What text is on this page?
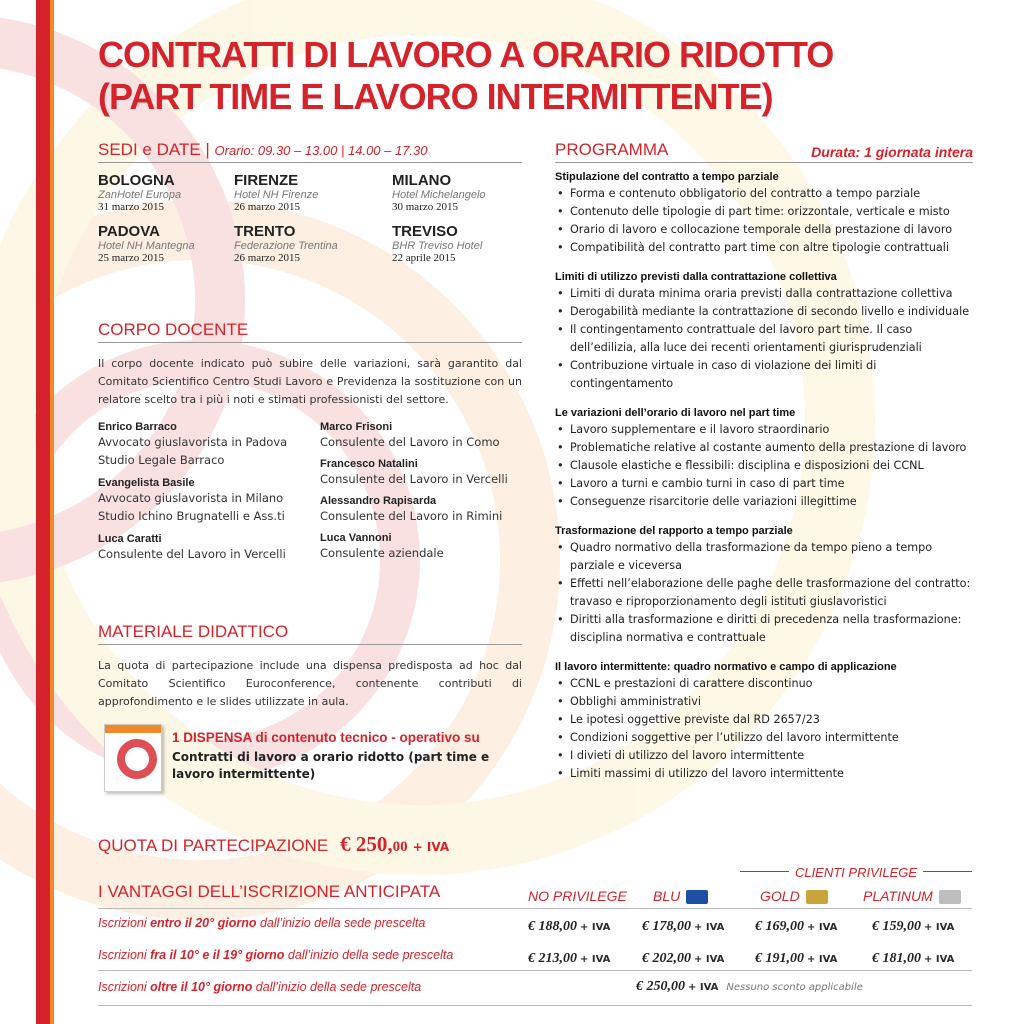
CONTRATTI DI LAVORO A ORARIO RIDOTTO
(PART TIME E LAVORO INTERMITTENTE)
SEDI e DATE | Orario: 09.30 – 13.00 | 14.00 – 17.30
BOLOGNA
ZanHotel Europa
31 marzo 2015
FIRENZE
Hotel NH Firenze
26 marzo 2015
MILANO
Hotel Michelangelo
30 marzo 2015
PADOVA
Hotel NH Mantegna
25 marzo 2015
TRENTO
Federazione Trentina
26 marzo 2015
TREVISO
BHR Treviso Hotel
22 aprile 2015
CORPO DOCENTE

Il corpo docente indicato può subire delle variazioni, sarà garantito dal Comitato Scientifico Centro Studi Lavoro e Previdenza la sostituzione con un relatore scelto tra i più i noti e stimati professionisti del settore.

Enrico Barraco
Avvocato giuslavorista in Padova
Studio Legale Barraco
Evangelista Basile
Avvocato giuslavorista in Milano
Studio Ichino Brugnatelli e Ass.ti
Luca Caratti
Consulente del Lavoro in Vercelli
Marco Frisoni
Consulente del Lavoro in Como
Francesco Natalini
Consulente del Lavoro in Vercelli
Alessandro Rapisarda
Consulente del Lavoro in Rimini
Luca Vannoni
Consulente aziendale
MATERIALE DIDATTICO

La quota di partecipazione include una dispensa predisposta ad hoc dal Comitato Scientifico Euroconference, contenente contributi di approfondimento e le slides utilizzate in aula.

1 DISPENSA di contenuto tecnico - operativo su
Contratti di lavoro a orario ridotto (part time e lavoro intermittente)
PROGRAMMA	Durata: 1 giornata intera
Stipulazione del contratto a tempo parziale
• Forma e contenuto obbligatorio del contratto a tempo parziale
• Contenuto delle tipologie di part time: orizzontale, verticale e misto
• Orario di lavoro e collocazione temporale della prestazione di lavoro
• Compatibilità del contratto part time con altre tipologie contrattuali
Limiti di utilizzo previsti dalla contrattazione collettiva
• Limiti di durata minima oraria previsti dalla contrattazione collettiva
• Derogabilità mediante la contrattazione di secondo livello e individuale
• Il contingentamento contrattuale del lavoro part time. Il caso dell’edilizia, alla luce dei recenti orientamenti giurisprudenziali
• Contribuzione virtuale in caso di violazione dei limiti di contingentamento
Le variazioni dell’orario di lavoro nel part time
• Lavoro supplementare e il lavoro straordinario
• Problematiche relative al costante aumento della prestazione di lavoro
• Clausole elastiche e flessibili: disciplina e disposizioni dei CCNL
• Lavoro a turni e cambio turni in caso di part time
• Conseguenze risarcitorie delle variazioni illegittime
Trasformazione del rapporto a tempo parziale
• Quadro normativo della trasformazione da tempo pieno a tempo parziale e viceversa
• Effetti nell’elaborazione delle paghe delle trasformazione del contratto: travaso e riproporzionamento degli istituti giuslavoristici
• Diritti alla trasformazione e diritti di precedenza nella trasformazione: disciplina normativa e contrattuale
Il lavoro intermittente: quadro normativo e campo di applicazione
• CCNL e prestazioni di carattere discontinuo
• Obblighi amministrativi
• Le ipotesi oggettive previste dal RD 2657/23
• Condizioni soggettive per l’utilizzo del lavoro intermittente
• I divieti di utilizzo del lavoro intermittente
• Limiti massimi di utilizzo del lavoro intermittente
QUOTA DI PARTECIPAZIONE € 250,00 + IVA
CLIENTI PRIVILEGE
I VANTAGGI DELL’ISCRIZIONE ANTICIPATA	NO PRIVILEGE BLU	GOLD	PLATINUM
Iscrizioni entro il 20° giorno dall’inizio della sede prescelta	€ 188,00 + IVA € 178,00 + IVA € 169,00 + IVA € 159,00 + IVA
Iscrizioni fra il 10° e il 19° giorno dall’inizio della sede prescelta	€ 213,00 + IVA € 202,00 + IVA € 191,00 + IVA € 181,00 + IVA
Iscrizioni oltre il 10° giorno dall’inizio della sede prescelta	€ 250,00 + IVA Nessuno sconto applicabile
